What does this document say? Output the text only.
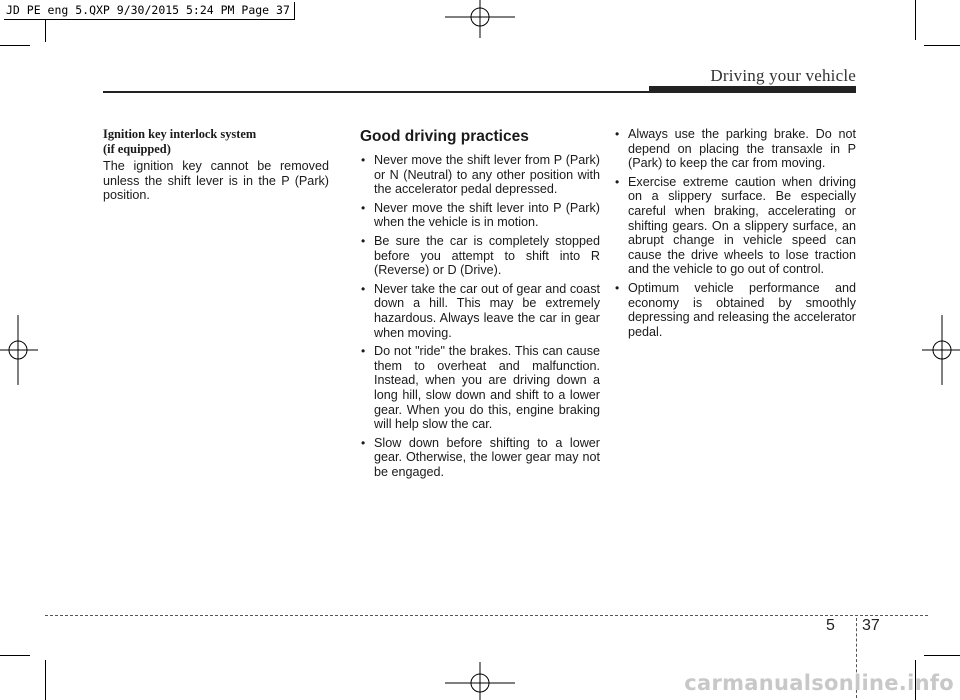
JD PE eng 5.QXP 9/30/2015 5:24 PM Page 37
Driving your vehicle
Ignition key interlock system
(if equipped)

The ignition key cannot be removed unless the shift lever is in the P (Park) position.

Good driving practices
• Never move the shift lever from P (Park) or N (Neutral) to any other position with the accelerator pedal depressed.
• Never move the shift lever into P (Park) when the vehicle is in motion.
• Be sure the car is completely stopped before you attempt to shift into R (Reverse) or D (Drive).
• Never take the car out of gear and coast down a hill. This may be extremely hazardous. Always leave the car in gear when moving.
• Do not "ride" the brakes. This can cause them to overheat and malfunction. Instead, when you are driving down a long hill, slow down and shift to a lower gear. When you do this, engine braking will help slow the car.
• Slow down before shifting to a lower gear. Otherwise, the lower gear may not be engaged.
• Always use the parking brake. Do not depend on placing the transaxle in P (Park) to keep the car from moving.
• Exercise extreme caution when driving on a slippery surface. Be especially careful when braking, accelerating or shifting gears. On a slippery surface, an abrupt change in vehicle speed can cause the drive wheels to lose traction and the vehicle to go out of control.
• Optimum vehicle performance and economy is obtained by smoothly depressing and releasing the accelerator pedal.
5 37
carmanualsonline.info
